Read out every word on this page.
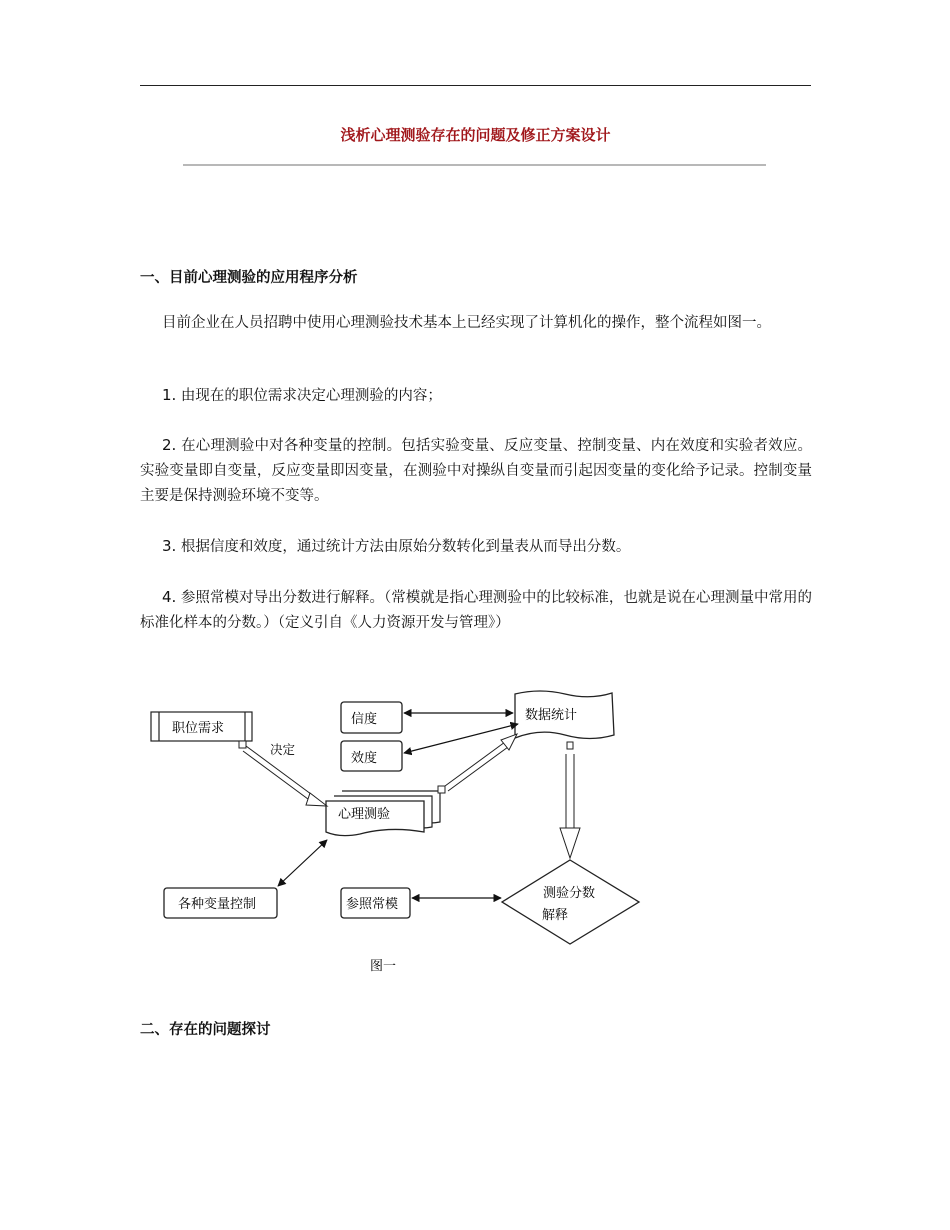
浅析心理测验存在的问题及修正方案设计
一、目前心理测验的应用程序分析

目前企业在人员招聘中使用心理测验技术基本上已经实现了计算机化的操作，整个流程如图一。

1. 由现在的职位需求决定心理测验的内容；

2. 在心理测验中对各种变量的控制。包括实验变量、反应变量、控制变量、内在效度和实验者效应。实验变量即自变量，反应变量即因变量，在测验中对操纵自变量而引起因变量的变化给予记录。控制变量主要是保持测验环境不变等。

3. 根据信度和效度，通过统计方法由原始分数转化到量表从而导出分数。

4. 参照常模对导出分数进行解释。（常模就是指心理测验中的比较标准，也就是说在心理测量中常用的标准化样本的分数。）（定义引自《人力资源开发与管理》）

职位需求
信度
效度
数据统计
心理测验
各种变量控制	参照常模
测验分数
解释
决定
图一
二、存在的问题探讨
